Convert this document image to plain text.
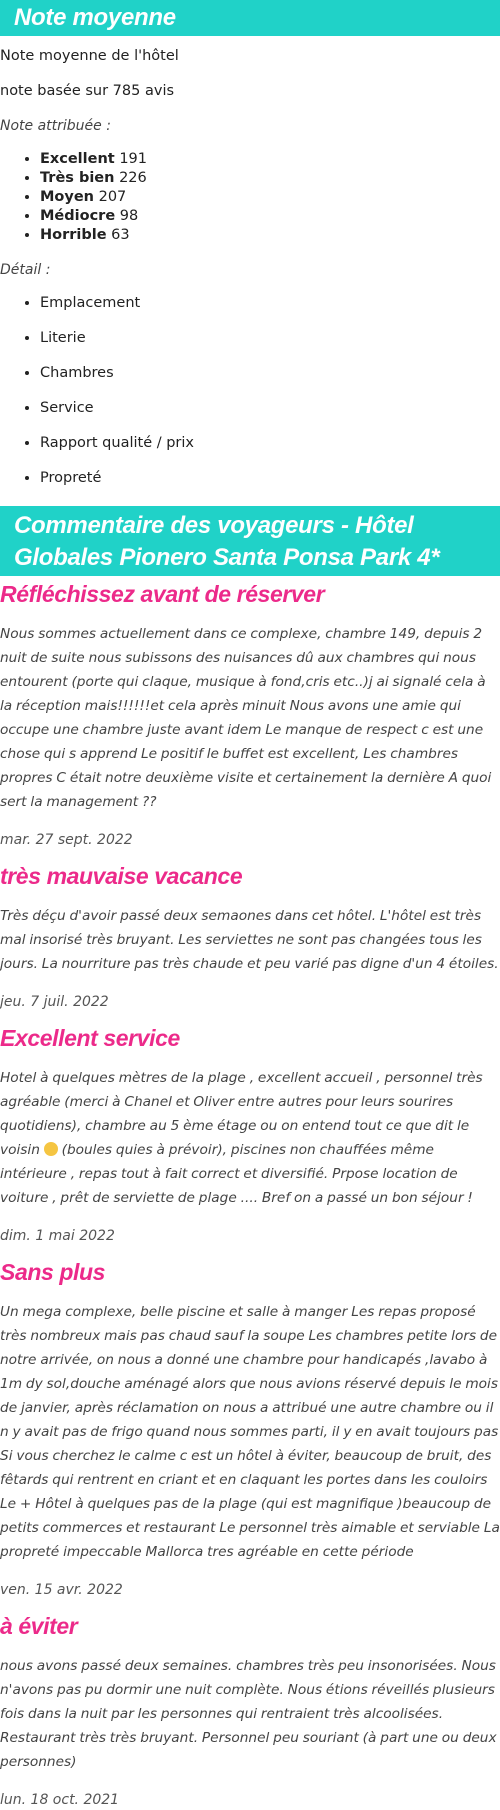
Note moyenne

Note moyenne de l'hôtel

note basée sur 785 avis

Note attribuée :
• Excellent 191
• Très bien 226
• Moyen 207
• Médiocre 98
• Horrible 63
Détail :
• Emplacement
• Literie
• Chambres
• Service
• Rapport qualité / prix
• Propreté
Commentaire des voyageurs - Hôtel Globales Pionero Santa Ponsa Park 4*
Réfléchissez avant de réserver

Nous sommes actuellement dans ce complexe, chambre 149, depuis 2 nuit de suite nous subissons des nuisances dû aux chambres qui nous entourent (porte qui claque, musique à fond,cris etc..)j ai signalé cela à la réception mais!!!!!!et cela après minuit Nous avons une amie qui occupe une chambre juste avant idem Le manque de respect c est une chose qui s apprend Le positif le buffet est excellent, Les chambres propres C était notre deuxième visite et certainement la dernière A quoi sert la management ??

mar. 27 sept. 2022
très mauvaise vacance

Très déçu d'avoir passé deux semaones dans cet hôtel. L'hôtel est très mal insorisé très bruyant. Les serviettes ne sont pas changées tous les jours. La nourriture pas très chaude et peu varié pas digne d'un 4 étoiles.

jeu. 7 juil. 2022
Excellent service

Hotel à quelques mètres de la plage , excellent accueil , personnel très agréable (merci à Chanel et Oliver entre autres pour leurs sourires quotidiens), chambre au 5 ème étage ou on entend tout ce que dit le voisin  (boules quies à prévoir), piscines non chauffées même intérieure , repas tout à fait correct et diversifié. Prpose location de voiture , prêt de serviette de plage .... Bref on a passé un bon séjour !

dim. 1 mai 2022
Sans plus

Un mega complexe, belle piscine et salle à manger Les repas proposé très nombreux mais pas chaud sauf la soupe Les chambres petite lors de notre arrivée, on nous a donné une chambre pour handicapés ,lavabo à 1m dy sol,douche aménagé alors que nous avions réservé depuis le mois de janvier, après réclamation on nous a attribué une autre chambre ou il n y avait pas de frigo quand nous sommes parti, il y en avait toujours pas Si vous cherchez le calme c est un hôtel à éviter, beaucoup de bruit, des fêtards qui rentrent en criant et en claquant les portes dans les couloirs Le + Hôtel à quelques pas de la plage (qui est magnifique )beaucoup de petits commerces et restaurant Le personnel très aimable et serviable La propreté impeccable Mallorca tres agréable en cette période

ven. 15 avr. 2022
à éviter

nous avons passé deux semaines. chambres très peu insonorisées. Nous n'avons pas pu dormir une nuit complète. Nous étions réveillés plusieurs fois dans la nuit par les personnes qui rentraient très alcoolisées. Restaurant très très bruyant. Personnel peu souriant (à part une ou deux personnes)

lun. 18 oct. 2021
